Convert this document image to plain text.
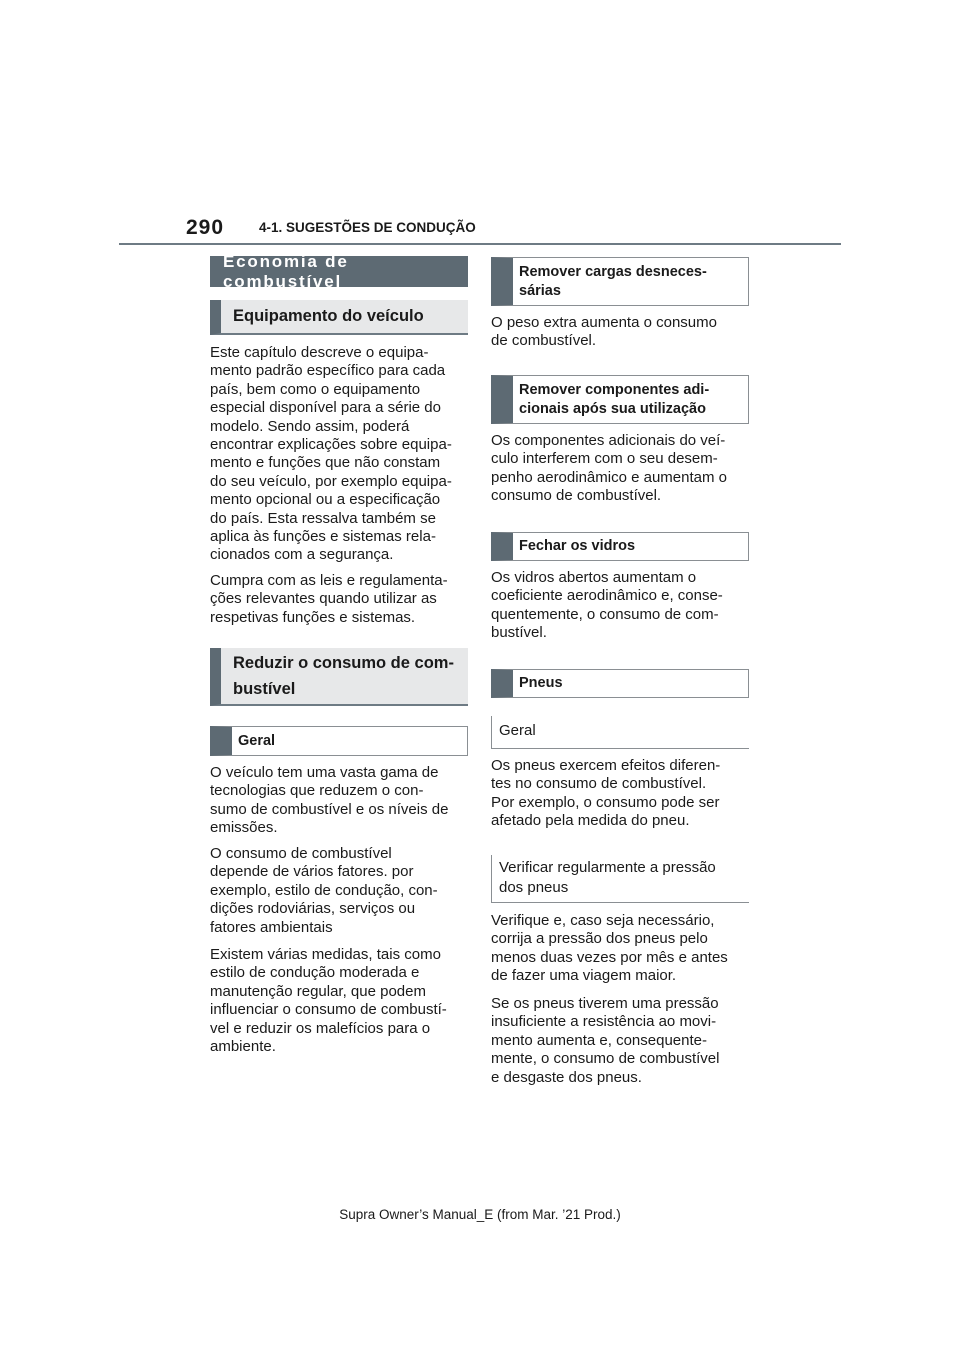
290	4-1. SUGESTÕES DE CONDUÇÃO
Economia de combustível
Equipamento do veículo

Este capítulo descreve o equipa-
mento padrão específico para cada
país, bem como o equipamento
especial disponível para a série do
modelo. Sendo assim, poderá
encontrar explicações sobre equipa-
mento e funções que não constam
do seu veículo, por exemplo equipa-
mento opcional ou a especificação
do país. Esta ressalva também se
aplica às funções e sistemas rela-
cionados com a segurança.

Cumpra com as leis e regulamenta-
ções relevantes quando utilizar as
respetivas funções e sistemas.

Reduzir o consumo de com-
bustível
Geral

O veículo tem uma vasta gama de
tecnologias que reduzem o con-
sumo de combustível e os níveis de
emissões.

O consumo de combustível
depende de vários fatores. por
exemplo, estilo de condução, con-
dições rodoviárias, serviços ou
fatores ambientais

Existem várias medidas, tais como
estilo de condução moderada e
manutenção regular, que podem
influenciar o consumo de combustí-
vel e reduzir os malefícios para o
ambiente.

Remover cargas desneces-
sárias

O peso extra aumenta o consumo
de combustível.

Remover componentes adi-
cionais após sua utilização

Os componentes adicionais do veí-
culo interferem com o seu desem-
penho aerodinâmico e aumentam o
consumo de combustível.

Fechar os vidros

Os vidros abertos aumentam o
coeficiente aerodinâmico e, conse-
quentemente, o consumo de com-
bustível.

Pneus
Geral

Os pneus exercem efeitos diferen-
tes no consumo de combustível.
Por exemplo, o consumo pode ser
afetado pela medida do pneu.

Verificar regularmente a pressão
dos pneus

Verifique e, caso seja necessário,
corrija a pressão dos pneus pelo
menos duas vezes por mês e antes
de fazer uma viagem maior.

Se os pneus tiverem uma pressão
insuficiente a resistência ao movi-
mento aumenta e, consequente-
mente, o consumo de combustível
e desgaste dos pneus.

Supra Owner’s Manual_E (from Mar. ’21 Prod.)
